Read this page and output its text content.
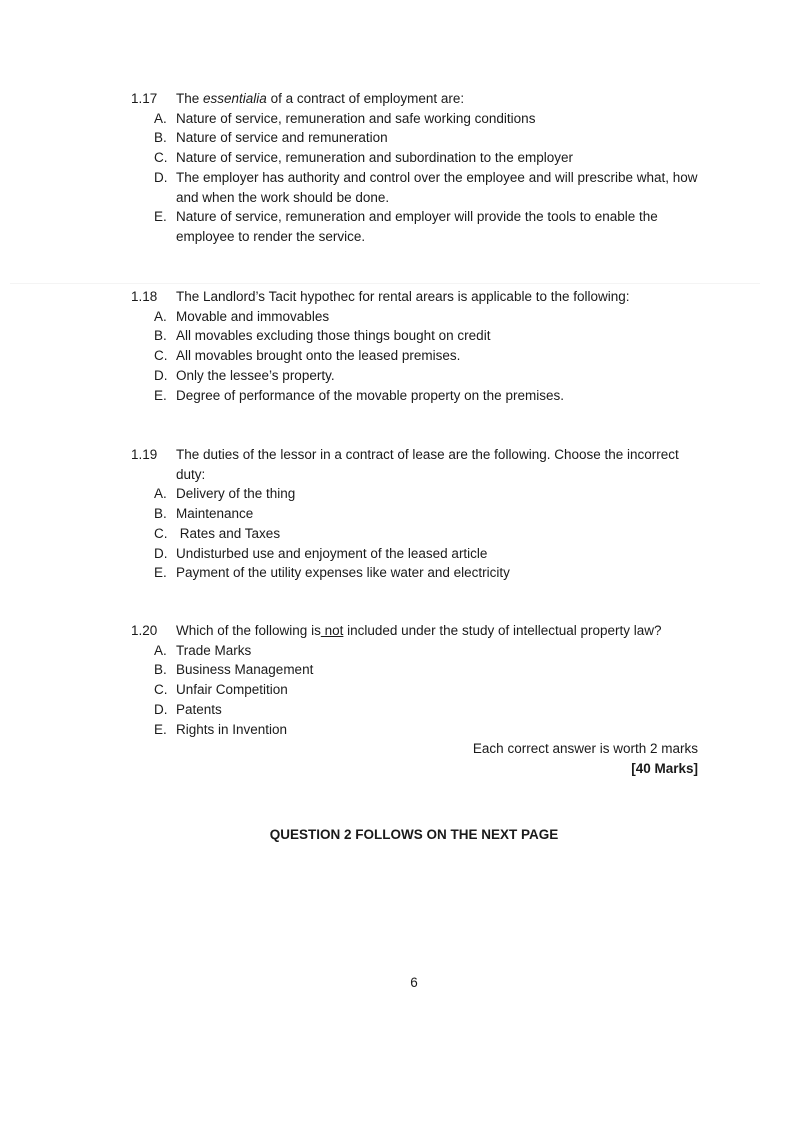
1.17	The essentialia of a contract of employment are:
A. Nature of service, remuneration and safe working conditions
B. Nature of service and remuneration
C. Nature of service, remuneration and subordination to the employer
D. The employer has authority and control over the employee and will prescribe what, how and when the work should be done.
E. Nature of service, remuneration and employer will provide the tools to enable the employee to render the service.
1.18	The Landlord’s Tacit hypothec for rental arears is applicable to the following:
A. Movable and immovables
B. All movables excluding those things bought on credit
C. All movables brought onto the leased premises.
D. Only the lessee’s property.
E. Degree of performance of the movable property on the premises.
1.19	The duties of the lessor in a contract of lease are the following. Choose the incorrect duty:
A. Delivery of the thing
B. Maintenance
C. Rates and Taxes
D. Undisturbed use and enjoyment of the leased article
E. Payment of the utility expenses like water and electricity
1.20	Which of the following is not included under the study of intellectual property law?
A. Trade Marks
B. Business Management
C. Unfair Competition
D. Patents
E. Rights in Invention
Each correct answer is worth 2 marks
[40 Marks]
QUESTION 2 FOLLOWS ON THE NEXT PAGE
6
